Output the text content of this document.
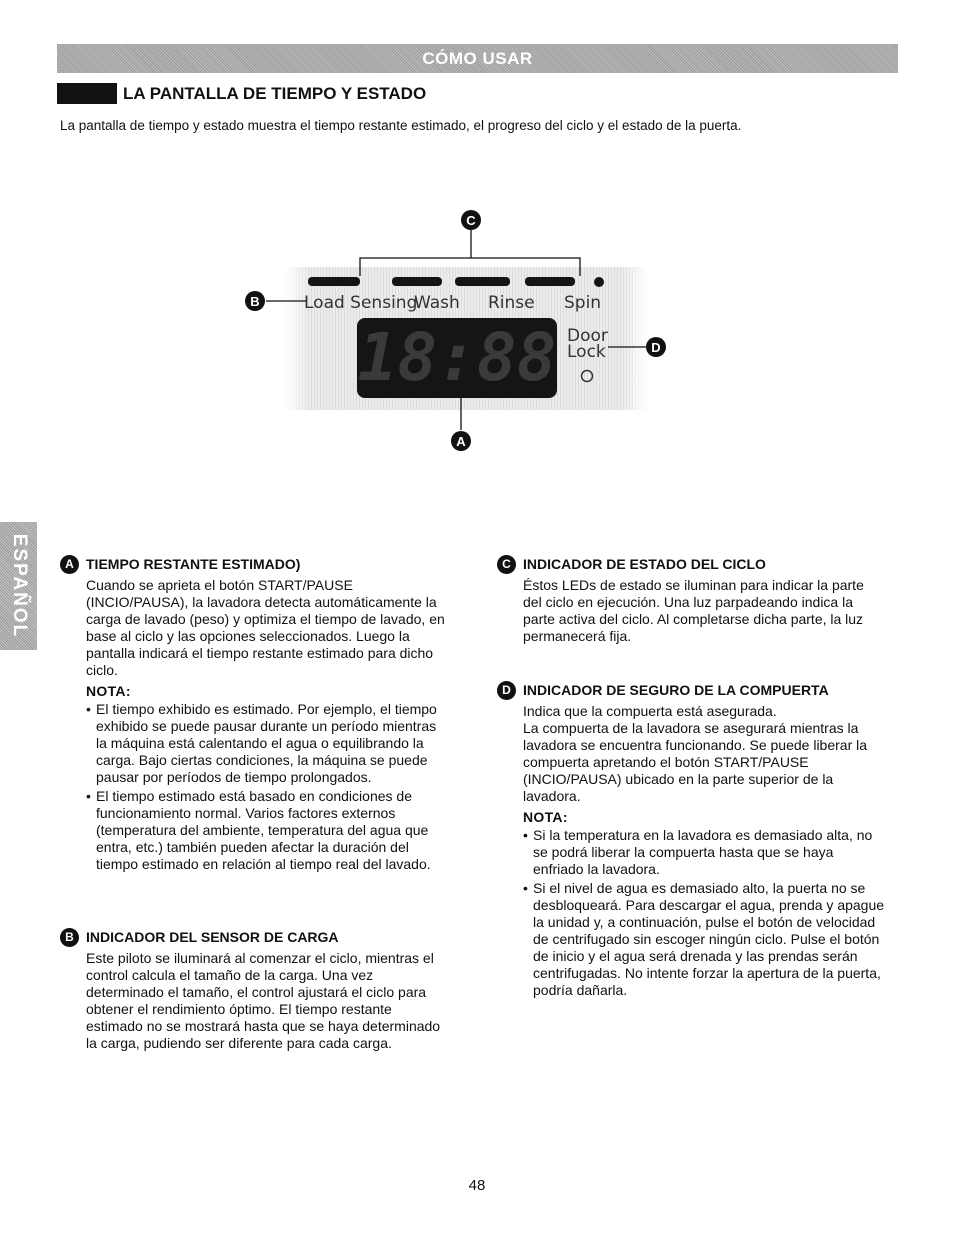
CÓMO USAR
LA PANTALLA DE TIEMPO Y ESTADO
La pantalla de tiempo y estado muestra el tiempo restante estimado, el progreso del ciclo y el estado de la puerta.
Load Sensing
Wash Rinse Spin
18:88 Door
Lock
C
B
D
A
ESPAÑOL	A TIEMPO RESTANTE ESTIMADO)
Cuando se aprieta el botón START/PAUSE
(INCIO/PAUSA), la lavadora detecta automáticamente la
carga de lavado (peso) y optimiza el tiempo de lavado, en
base al ciclo y las opciones seleccionados. Luego la
pantalla indicará el tiempo restante estimado para dicho
ciclo.
NOTA:
• El tiempo exhibido es estimado. Por ejemplo, el tiempo
exhibido se puede pausar durante un período mientras
la máquina está calentando el agua o equilibrando la
carga. Bajo ciertas condiciones, la máquina se puede
pausar por períodos de tiempo prolongados.
• El tiempo estimado está basado en condiciones de
funcionamiento normal. Varios factores externos
(temperatura del ambiente, temperatura del agua que
entra, etc.) también pueden afectar la duración del
tiempo estimado en relación al tiempo real del lavado.
B INDICADOR DEL SENSOR DE CARGA
Este piloto se iluminará al comenzar el ciclo, mientras el
control calcula el tamaño de la carga. Una vez
determinado el tamaño, el control ajustará el ciclo para
obtener el rendimiento óptimo. El tiempo restante
estimado no se mostrará hasta que se haya determinado
la carga, pudiendo ser diferente para cada carga.
C INDICADOR DE ESTADO DEL CICLO
Éstos LEDs de estado se iluminan para indicar la parte
del ciclo en ejecución. Una luz parpadeando indica la
parte activa del ciclo. Al completarse dicha parte, la luz
permanecerá fija.
D INDICADOR DE SEGURO DE LA COMPUERTA
Indica que la compuerta está asegurada.
La compuerta de la lavadora se asegurará mientras la
lavadora se encuentra funcionando. Se puede liberar la
compuerta apretando el botón START/PAUSE
(INCIO/PAUSA) ubicado en la parte superior de la
lavadora.
NOTA:
• Si la temperatura en la lavadora es demasiado alta, no
se podrá liberar la compuerta hasta que se haya
enfriado la lavadora.
• Si el nivel de agua es demasiado alto, la puerta no se
desbloqueará. Para descargar el agua, prenda y apague
la unidad y, a continuación, pulse el botón de velocidad
de centrifugado sin escoger ningún ciclo. Pulse el botón
de inicio y el agua será drenada y las prendas serán
centrifugadas. No intente forzar la apertura de la puerta,
podría dañarla.
48
